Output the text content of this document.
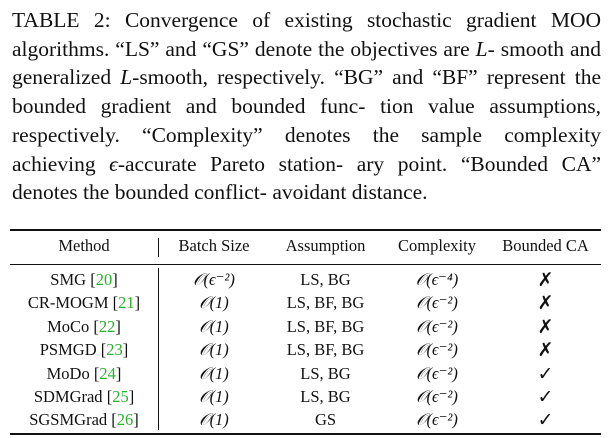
TABLE 2: Convergence of existing stochastic gradient MOO algorithms. “LS” and “GS” denote the objectives are L- smooth and generalized L-smooth, respectively. “BG” and “BF” represent the bounded gradient and bounded func- tion value assumptions, respectively. “Complexity” denotes the sample complexity achieving ϵ-accurate Pareto station- ary point. “Bounded CA” denotes the bounded conflict- avoidant distance.
Method	Batch Size	Assumption	Complexity	Bounded CA
SMG [20]	𝒪(ϵ⁻²)	LS, BG	𝒪(ϵ⁻⁴)	✗
CR-MOGM [21]	𝒪(1)	LS, BF, BG	𝒪(ϵ⁻²)	✗
MoCo [22]	𝒪(1)	LS, BF, BG	𝒪(ϵ⁻²)	✗
PSMGD [23]	𝒪(1)	LS, BF, BG	𝒪(ϵ⁻²)	✗
MoDo [24]	𝒪(1)	LS, BG	𝒪(ϵ⁻²)	✓
SDMGrad [25]	𝒪(1)	LS, BG	𝒪(ϵ⁻²)	✓
SGSMGrad [26]	𝒪(1)	GS	𝒪(ϵ⁻²)	✓
